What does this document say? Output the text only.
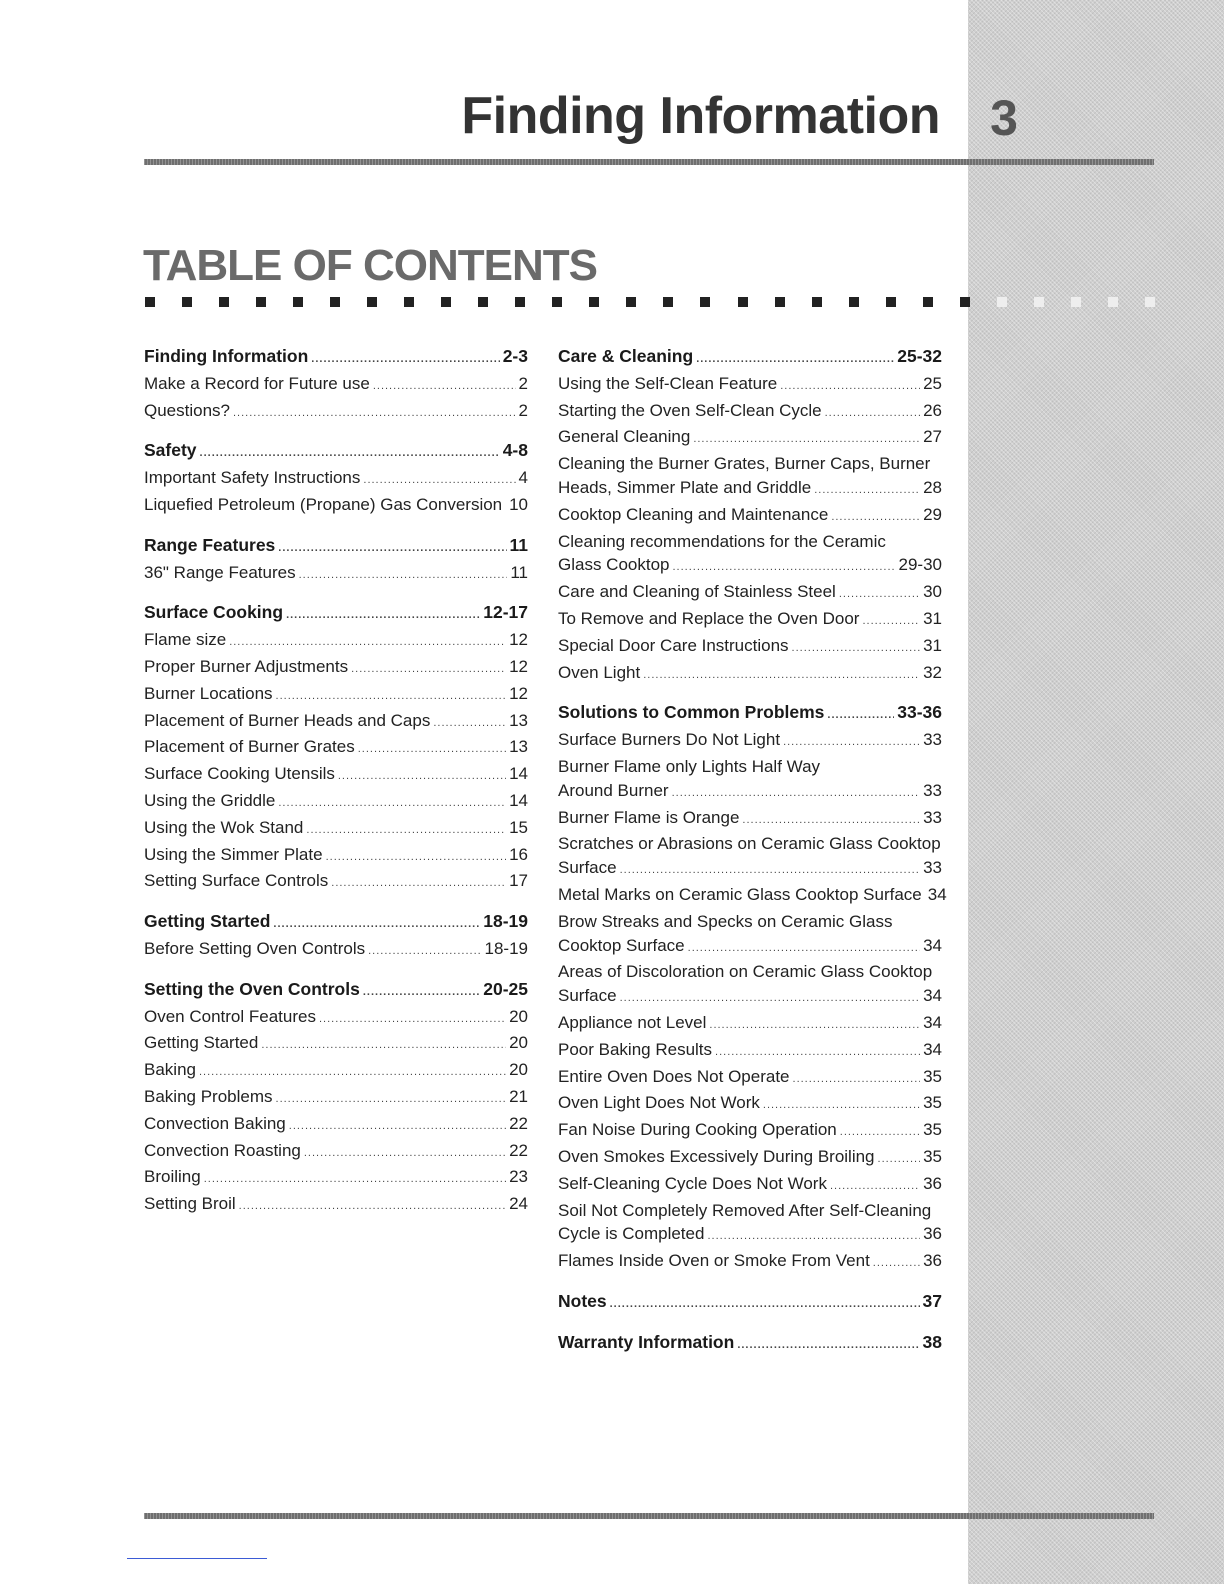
Finding Information 3
TABLE OF CONTENTS
Finding Information .....	2-3
Make a Record for Future use .....	2
Questions? .....	2
Safety .....	4-8
Important Safety Instructions .....	4
Liquefied Petroleum (Propane) Gas Conversion ..... 10
Range Features .....	11
36" Range Features .....	11
Surface Cooking .....	12-17
Flame size .....	12
Proper Burner Adjustments .....	12
Burner Locations .....	12
Placement of Burner Heads and Caps .....	13
Placement of Burner Grates .....	13
Surface Cooking Utensils .....	14
Using the Griddle .....	14
Using the Wok Stand .....	15
Using the Simmer Plate .....	16
Setting Surface Controls .....	17
Getting Started .....	18-19
Before Setting Oven Controls .....	18-19
Setting the Oven Controls .....	20-25
Oven Control Features .....	20
Getting Started .....	20
Baking .....	20
Baking Problems .....	21
Convection Baking .....	22
Convection Roasting .....	22
Broiling .....	23
Setting Broil .....	24
Care & Cleaning .....	25-32
Using the Self-Clean Feature .....	25
Starting the Oven Self-Clean Cycle .....	26
General Cleaning .....	27
Cleaning the Burner Grates, Burner Caps, Burner
Heads, Simmer Plate and Griddle .....	28
Cooktop Cleaning and Maintenance .....	29
Cleaning recommendations for the Ceramic
Glass Cooktop .....	29-30
Care and Cleaning of Stainless Steel .....	30
To Remove and Replace the Oven Door .....	31
Special Door Care Instructions .....	31
Oven Light .....	32
Solutions to Common Problems .....	33-36
Surface Burners Do Not Light .....	33
Burner Flame only Lights Half Way
Around Burner .....	33
Burner Flame is Orange .....	33
Scratches or Abrasions on Ceramic Glass Cooktop
Surface .....	33
Metal Marks on Ceramic Glass Cooktop Surface 34
Brow Streaks and Specks on Ceramic Glass
Cooktop Surface .....	34
Areas of Discoloration on Ceramic Glass Cooktop
Surface .....	34
Appliance not Level .....	34
Poor Baking Results .....	34
Entire Oven Does Not Operate .....	35
Oven Light Does Not Work .....	35
Fan Noise During Cooking Operation .....	35
Oven Smokes Excessively During Broiling .....	35
Self-Cleaning Cycle Does Not Work .....	36
Soil Not Completely Removed After Self-Cleaning
Cycle is Completed .....	36
Flames Inside Oven or Smoke From Vent .....	36
Notes .....	37
Warranty Information .....	38
